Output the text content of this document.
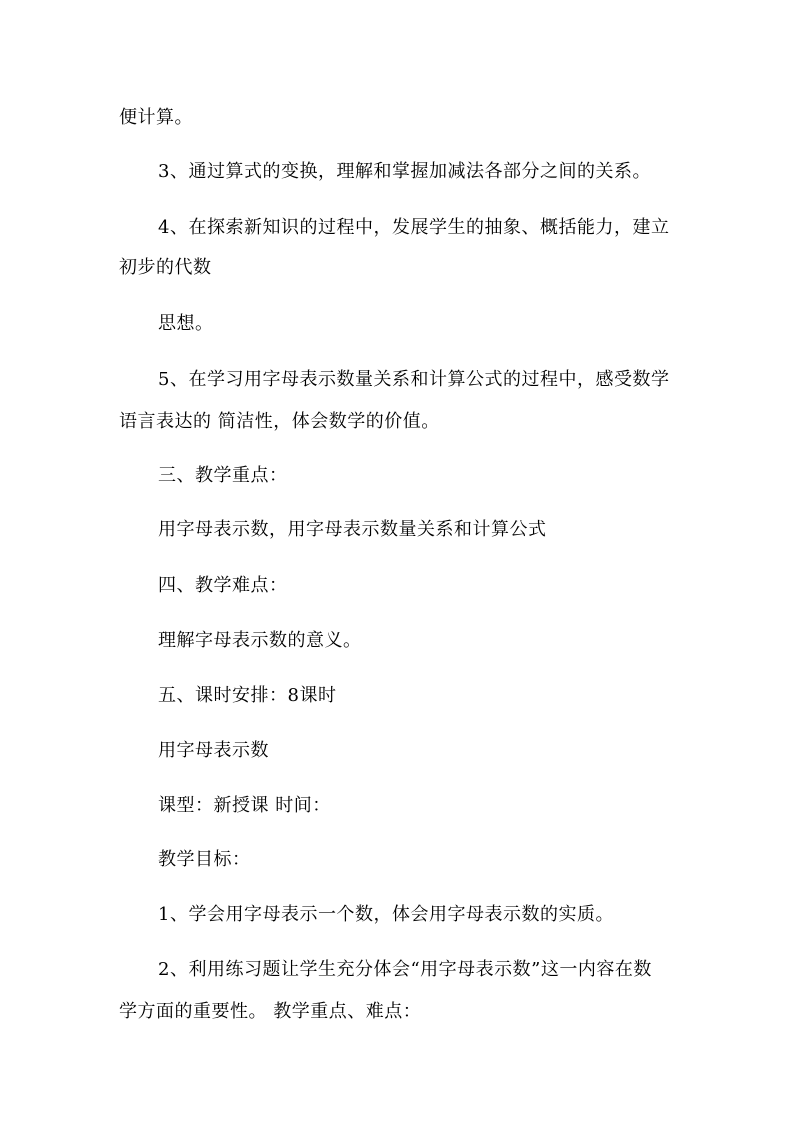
便计算。
3、通过算式的变换，理解和掌握加减法各部分之间的关系。
4、在探索新知识的过程中，发展学生的抽象、概括能力，建立
初步的代数
思想。
5、在学习用字母表示数量关系和计算公式的过程中，感受数学
语言表达的 简洁性，体会数学的价值。
三、教学重点：
用字母表示数，用字母表示数量关系和计算公式
四、教学难点：
理解字母表示数的意义。
五、课时安排：8课时
用字母表示数
课型：新授课 时间：
教学目标：
1、学会用字母表示一个数，体会用字母表示数的实质。
2、利用练习题让学生充分体会“用字母表示数”这一内容在数
学方面的重要性。 教学重点、难点：
